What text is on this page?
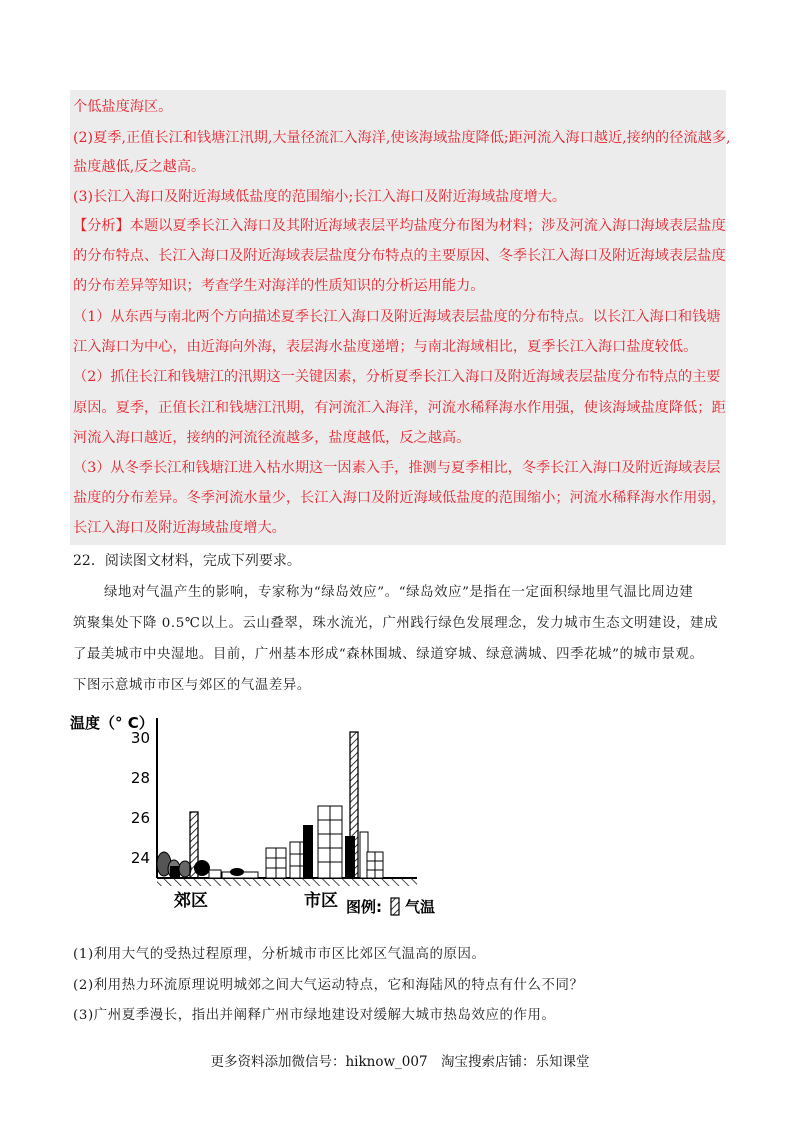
个低盐度海区。
(2)夏季,正值长江和钱塘江汛期,大量径流汇入海洋,使该海域盐度降低;距河流入海口越近,接纳的径流越多,
盐度越低,反之越高。
(3)长江入海口及附近海域低盐度的范围缩小;长江入海口及附近海域盐度增大。
【分析】本题以夏季长江入海口及其附近海域表层平均盐度分布图为材料；涉及河流入海口海域表层盐度
的分布特点、长江入海口及附近海域表层盐度分布特点的主要原因、冬季长江入海口及附近海域表层盐度
的分布差异等知识；考查学生对海洋的性质知识的分析运用能力。
（1）从东西与南北两个方向描述夏季长江入海口及附近海域表层盐度的分布特点。以长江入海口和钱塘
江入海口为中心，由近海向外海，表层海水盐度递增；与南北海域相比，夏季长江入海口盐度较低。
（2）抓住长江和钱塘江的汛期这一关键因素，分析夏季长江入海口及附近海域表层盐度分布特点的主要
原因。夏季，正值长江和钱塘江汛期，有河流汇入海洋，河流水稀释海水作用强，使该海域盐度降低；距
河流入海口越近，接纳的河流径流越多，盐度越低，反之越高。
（3）从冬季长江和钱塘江进入枯水期这一因素入手，推测与夏季相比，冬季长江入海口及附近海域表层
盐度的分布差异。冬季河流水量少，长江入海口及附近海域低盐度的范围缩小；河流水稀释海水作用弱，
长江入海口及附近海域盐度增大。
22．阅读图文材料，完成下列要求。
绿地对气温产生的影响，专家称为“绿岛效应”。“绿岛效应”是指在一定面积绿地里气温比周边建
筑聚集处下降 0.5℃以上。云山叠翠，珠水流光，广州践行绿色发展理念，发力城市生态文明建设，建成
了最美城市中央湿地。目前，广州基本形成“森林围城、绿道穿城、绿意满城、四季花城”的城市景观。
下图示意城市市区与郊区的气温差异。
温度（° C）
24
26
28
30
郊区	市区 图例: 气温
(1)利用大气的受热过程原理，分析城市市区比郊区气温高的原因。
(2)利用热力环流原理说明城郊之间大气运动特点，它和海陆风的特点有什么不同？
(3)广州夏季漫长，指出并阐释广州市绿地建设对缓解大城市热岛效应的作用。
更多资料添加微信号：hiknow_007　淘宝搜索店铺：乐知课堂
